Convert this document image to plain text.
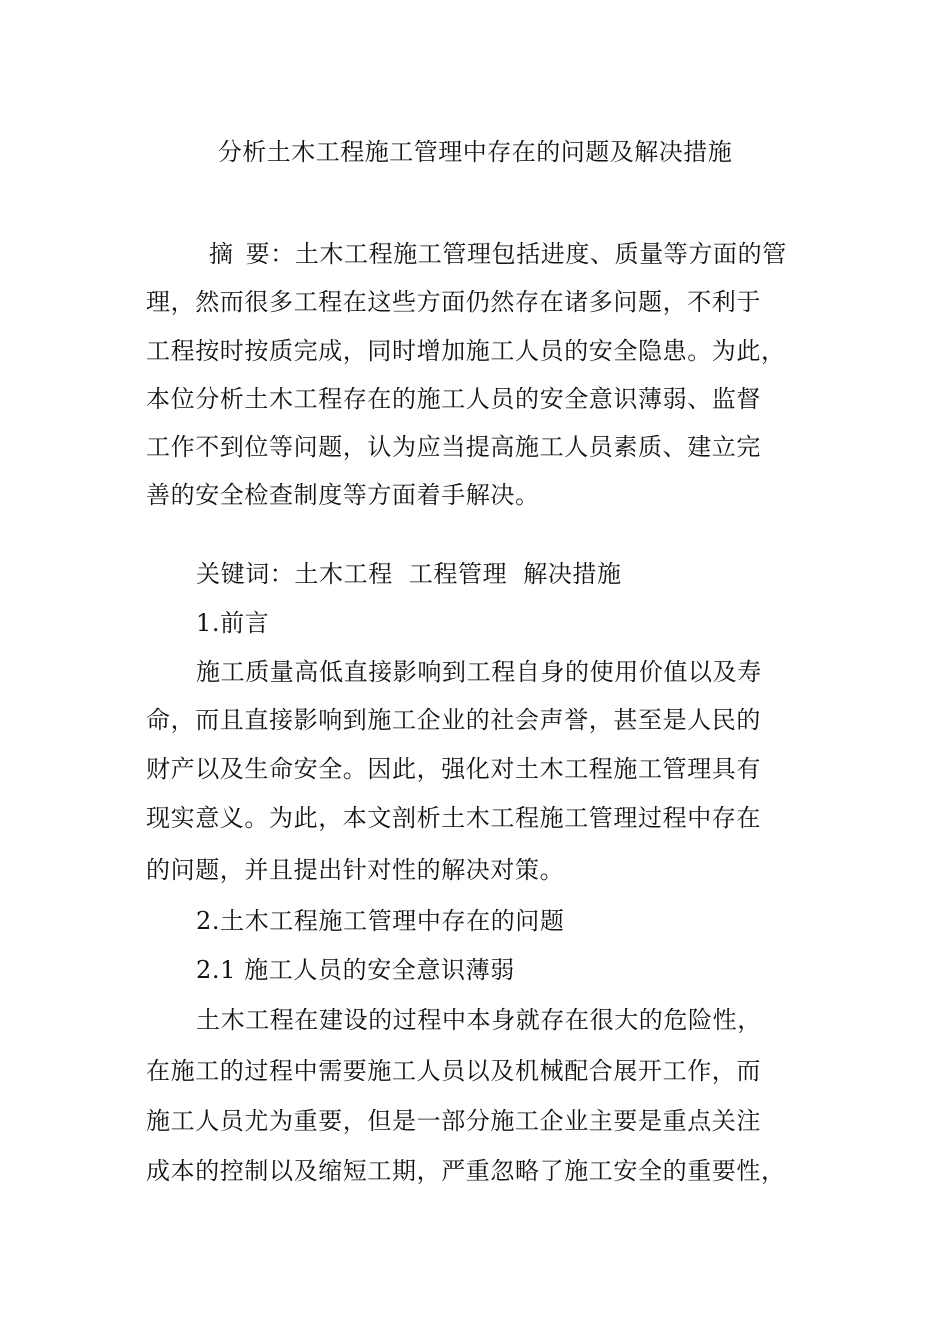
分析土木工程施工管理中存在的问题及解决措施
摘 要：土木工程施工管理包括进度、质量等方面的管
理，然而很多工程在这些方面仍然存在诸多问题，不利于
工程按时按质完成，同时增加施工人员的安全隐患。为此，
本位分析土木工程存在的施工人员的安全意识薄弱、监督
工作不到位等问题，认为应当提高施工人员素质、建立完
善的安全检查制度等方面着手解决。
关键词：土木工程 工程管理 解决措施
1.前言
施工质量高低直接影响到工程自身的使用价值以及寿
命，而且直接影响到施工企业的社会声誉，甚至是人民的
财产以及生命安全。因此，强化对土木工程施工管理具有
现实意义。为此，本文剖析土木工程施工管理过程中存在
的问题，并且提出针对性的解决对策。
2.土木工程施工管理中存在的问题
2.1 施工人员的安全意识薄弱
土木工程在建设的过程中本身就存在很大的危险性，
在施工的过程中需要施工人员以及机械配合展开工作，而
施工人员尤为重要，但是一部分施工企业主要是重点关注
成本的控制以及缩短工期，严重忽略了施工安全的重要性，
